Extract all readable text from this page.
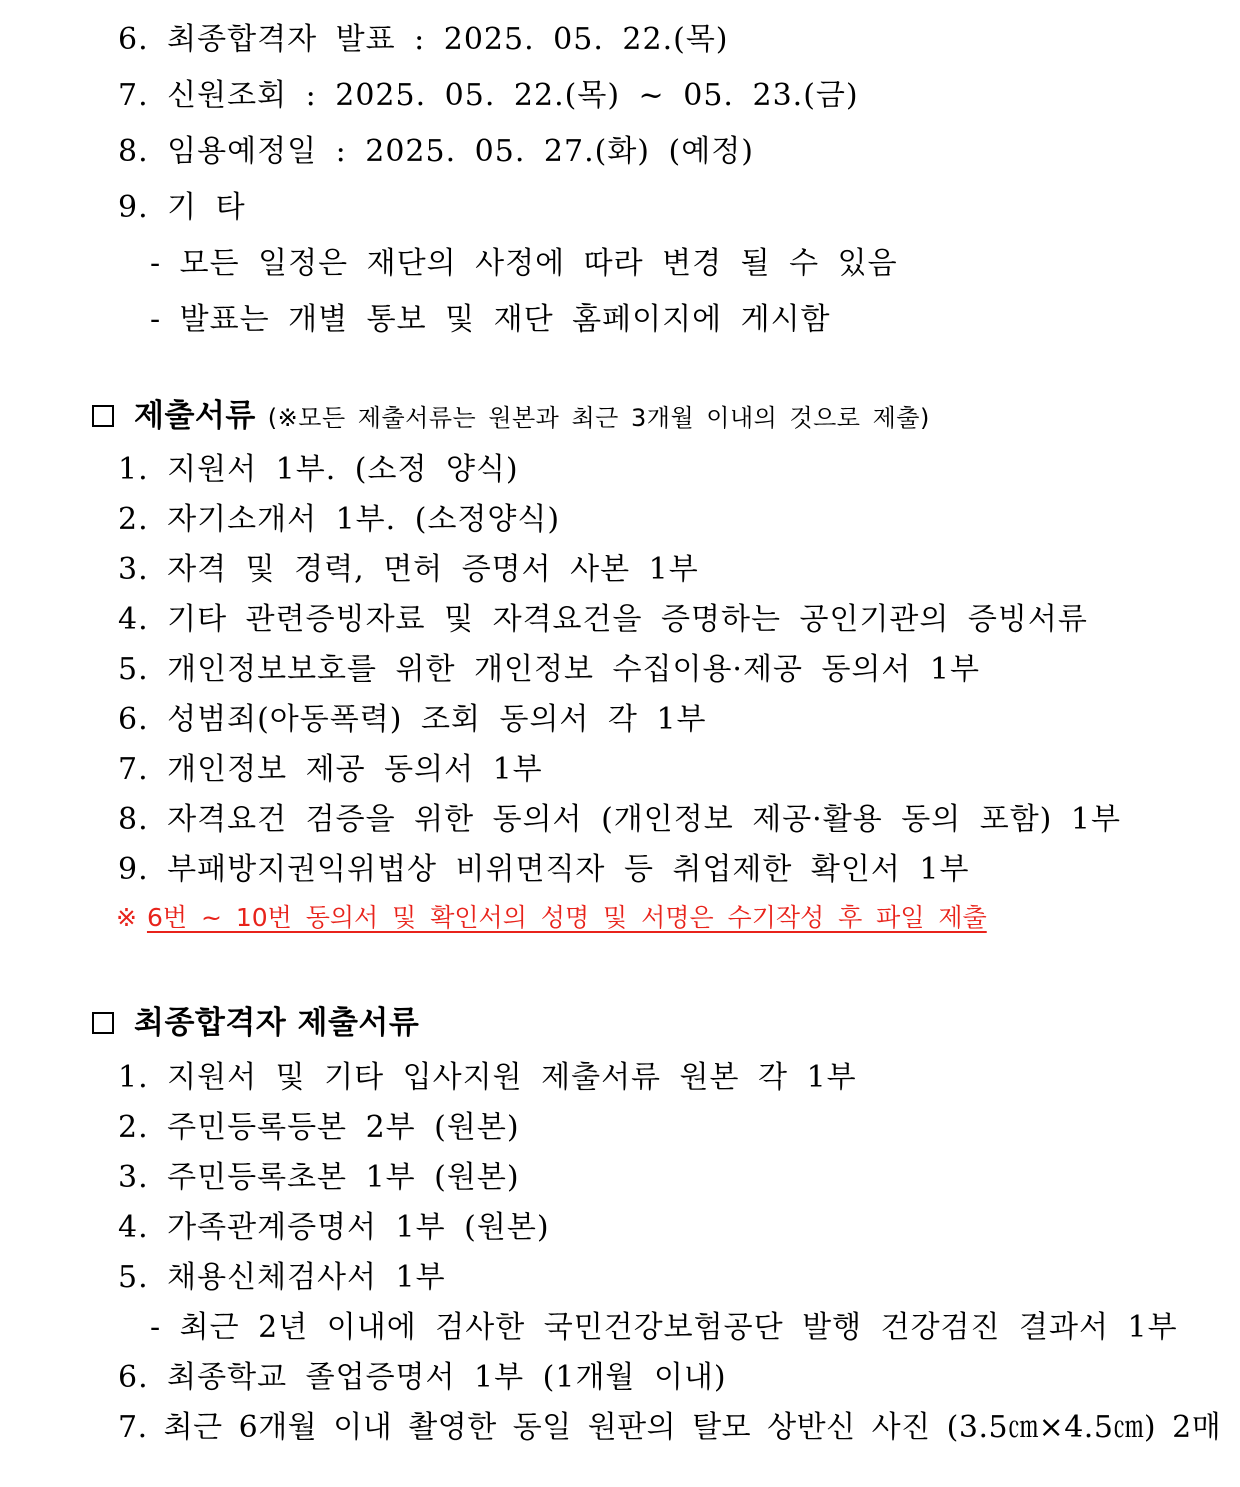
6. 최종합격자 발표 : 2025. 05. 22.(목)
7. 신원조회 : 2025. 05. 22.(목) ~ 05. 23.(금)
8. 임용예정일 : 2025. 05. 27.(화) (예정)
9. 기 타
- 모든 일정은 재단의 사정에 따라 변경 될 수 있음
- 발표는 개별 통보 및 재단 홈페이지에 게시함
제출서류 (※모든 제출서류는 원본과 최근 3개월 이내의 것으로 제출)
1. 지원서 1부. (소정 양식)
2. 자기소개서 1부. (소정양식)
3. 자격 및 경력, 면허 증명서 사본 1부
4. 기타 관련증빙자료 및 자격요건을 증명하는 공인기관의 증빙서류
5. 개인정보보호를 위한 개인정보 수집이용·제공 동의서 1부
6. 성범죄(아동폭력) 조회 동의서 각 1부
7. 개인정보 제공 동의서 1부
8. 자격요건 검증을 위한 동의서 (개인정보 제공·활용 동의 포함) 1부
9. 부패방지권익위법상 비위면직자 등 취업제한 확인서 1부
※ 6번 ~ 10번 동의서 및 확인서의 성명 및 서명은 수기작성 후 파일 제출
최종합격자 제출서류
1. 지원서 및 기타 입사지원 제출서류 원본 각 1부
2. 주민등록등본 2부 (원본)
3. 주민등록초본 1부 (원본)
4. 가족관계증명서 1부 (원본)
5. 채용신체검사서 1부
- 최근 2년 이내에 검사한 국민건강보험공단 발행 건강검진 결과서 1부
6. 최종학교 졸업증명서 1부 (1개월 이내)
7. 최근 6개월 이내 촬영한 동일 원판의 탈모 상반신 사진 (3.5㎝×4.5㎝) 2매
